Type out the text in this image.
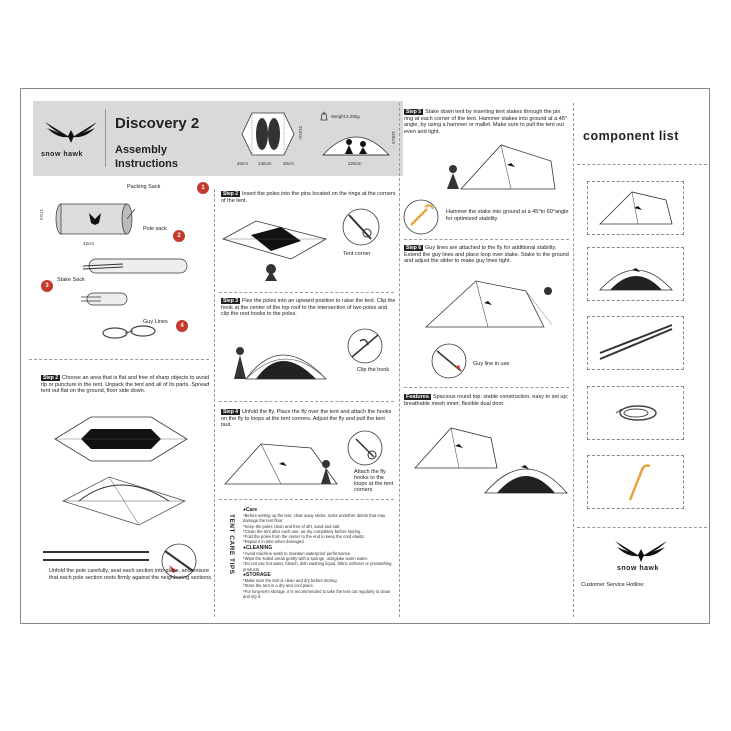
snow hawk
Discovery 2
Assembly
Instructions	40cm 140cm	40cm
210cm
Weight:2.25kg
220cm
110cm
Packing Sack	1
17cm
42cm
Pole sack
2
Stake Sack
3
Guy Lines
4
Step 2 Choose an area that is flat and free of sharp objects to avoid rip or puncture in the tent. Unpack the tent and all of its parts. Spread tent out flat on the ground, floor side down.
Unfold the pole carefully, seat each section into place, and ensure that each pole section rests firmly against the neighboring sections.
Step 2 Insert the poles into the pins located on the rings at the corners of the tent.
Tent corner
Step 3 Flex the poles into an upward position to raise the tent. Clip the hook at the center of the top roof to the intersection of two poles and clip the rest hooks to the poles.
Clip the hook
Step 4 Unfold the fly. Place the fly over the tent and attach the hooks on the fly to loops at the tent corners. Adjust the fly and pull the tent taut.
Attach the fly hooks to the loops at the tent corners
TENT CARE TIPS
●Care
*Before setting up the tent, clear away sticks, rocks andother debris that may damage the tent floor.
*Keep the poles clean and free of dirt, sand and salt.
*Clean the tent after each use, air dry completely before storing.
*Fold the poles from the center to the end to keep the cord elastic.
*Repair it in time when damaged.
●CLEANING
*Avoid machine wash to maintain waterproof performance.
*Wipe the soiled areas gently with a sponge, usingluke warm water.
*Do not use hot water, bleach, dish washing liquid, fabric softener or prewashing products.
●STORAGE
*Make sure the tent is clean and dry before storing.
*Store the tent in a dry and cool place.
*For long-term storage, it is recommended to take the tent out regularly to clean and dry it.
Step 5 Stake down tent by inserting tent stakes through the pin ring at each corner of the tent. Hammer stakes into ground at a 45° angle, by using a hammer or mallet. Make sure to pull the tent out even and tight.
Hammer the stake into ground at a 45°to 60°angle for optimized stability
Step 6 Guy lines are attached to the fly for additional stability. Extend the guy lines and place loop over stake. Stake to the ground and adjust the slider to make guy lines tight.
Guy line in use
Features Spacious round top: stable construction, easy to set up; breathable mesh inner; flexible dual door.
component list
snow hawk
Customer Service Hotline:
